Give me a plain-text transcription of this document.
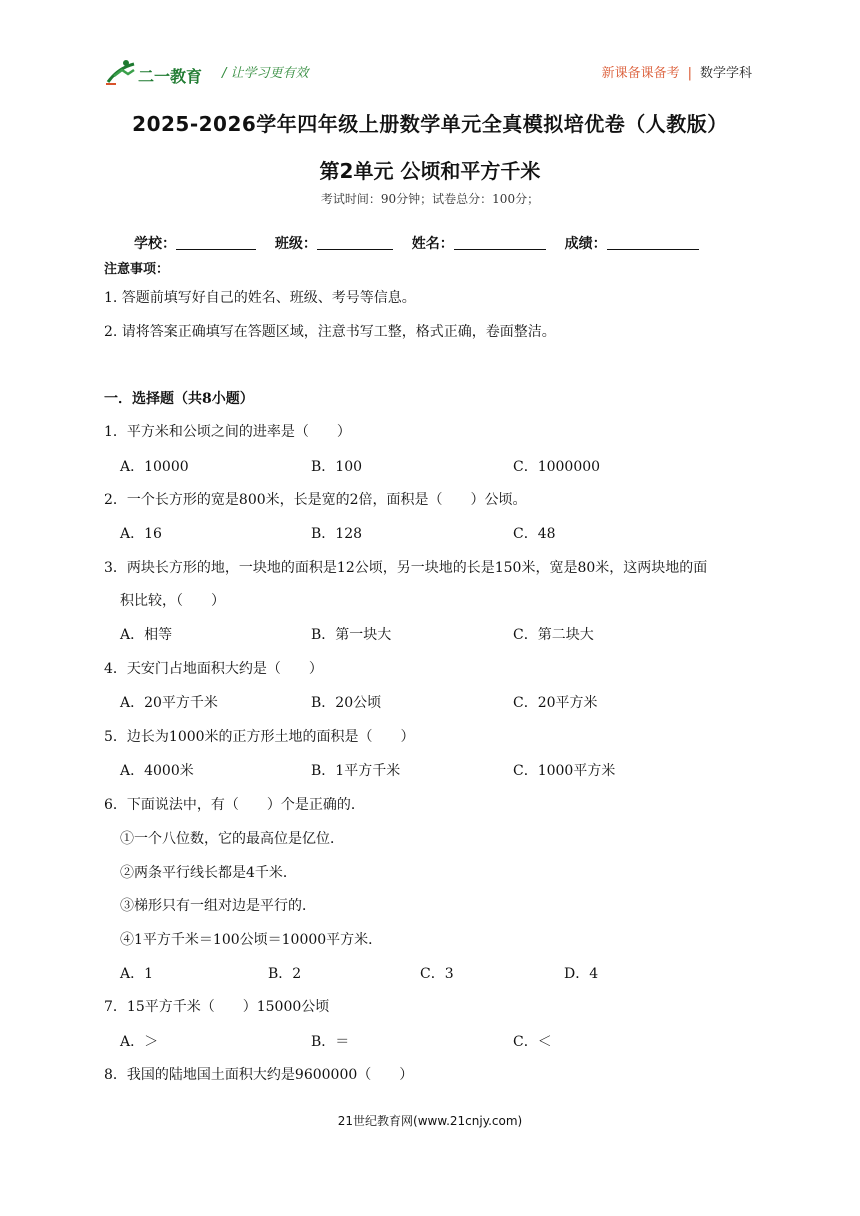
二一教育 / 让学习更有效	新课备课备考 | 数学学科
2025-2026学年四年级上册数学单元全真模拟培优卷（人教版）
第2单元 公顷和平方千米
考试时间：90分钟；试卷总分：100分；
学校：	班级：	姓名：	成绩：
注意事项：
1. 答题前填写好自己的姓名、班级、考号等信息。
2. 请将答案正确填写在答题区域，注意书写工整，格式正确，卷面整洁。
一．选择题（共8小题）
1．平方米和公顷之间的进率是（　　）
A．10000	B．100	C．1000000
2．一个长方形的宽是800米，长是宽的2倍，面积是（　　）公顷。
A．16	B．128	C．48
3．两块长方形的地，一块地的面积是12公顷，另一块地的长是150米，宽是80米，这两块地的面
积比较，（　　）
A．相等	B．第一块大	C．第二块大
4．天安门占地面积大约是（　　）
A．20平方千米	B．20公顷	C．20平方米
5．边长为1000米的正方形土地的面积是（　　）
A．4000米	B．1平方千米	C．1000平方米
6．下面说法中，有（　　）个是正确的．
①一个八位数，它的最高位是亿位．
②两条平行线长都是4千米．
③梯形只有一组对边是平行的．
④1平方千米＝100公顷＝10000平方米．
A．1	B．2	C．3	D．4
7．15平方千米（　　）15000公顷
A．＞	B．＝	C．＜
8．我国的陆地国土面积大约是9600000（　　）
21世纪教育网(www.21cnjy.com)
